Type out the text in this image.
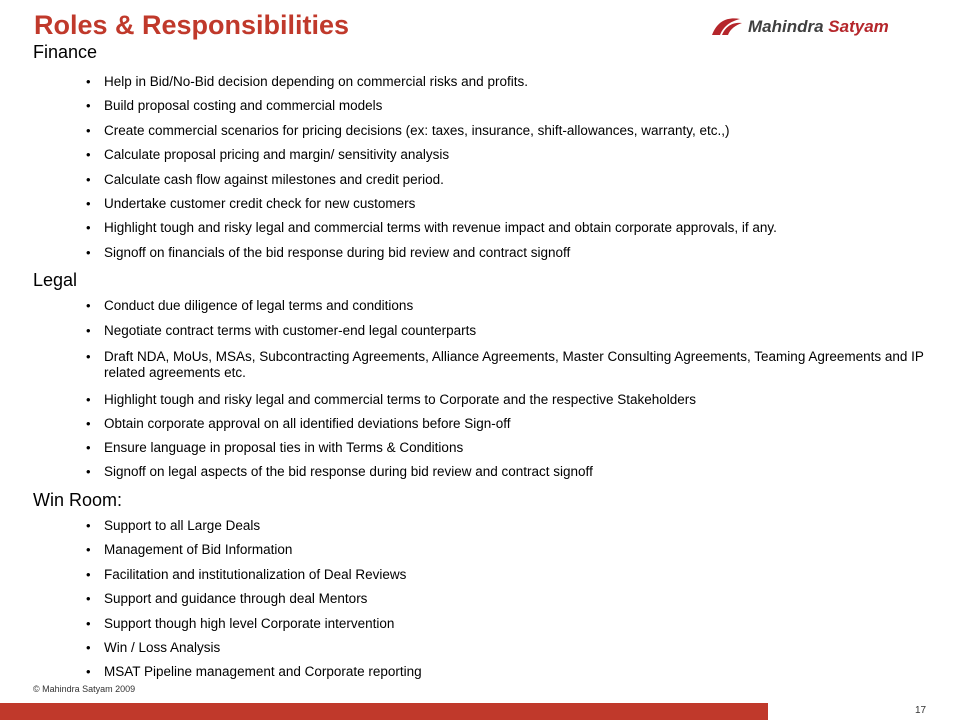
Roles & Responsibilities	Mahindra Satyam
Finance
• Help in Bid/No-Bid decision depending on commercial risks and profits.
• Build proposal costing and commercial models
• Create commercial scenarios for pricing decisions (ex: taxes, insurance, shift-allowances, warranty, etc.,)
• Calculate proposal pricing and margin/ sensitivity analysis
• Calculate cash flow against milestones and credit period.
• Undertake customer credit check for new customers
• Highlight tough and risky legal and commercial terms with revenue impact and obtain corporate approvals, if any.
• Signoff on financials of the bid response during bid review and contract signoff
Legal
• Conduct due diligence of legal terms and conditions
• Negotiate contract terms with customer-end legal counterparts
• Draft NDA, MoUs, MSAs, Subcontracting Agreements, Alliance Agreements, Master Consulting Agreements, Teaming Agreements and IP related agreements etc.
• Highlight tough and risky legal and commercial terms to Corporate and the respective Stakeholders
• Obtain corporate approval on all identified deviations before Sign-off
• Ensure language in proposal ties in with Terms & Conditions
• Signoff on legal aspects of the bid response during bid review and contract signoff
Win Room:
• Support to all Large Deals
• Management of Bid Information
• Facilitation and institutionalization of Deal Reviews
• Support and guidance through deal Mentors
• Support though high level Corporate intervention
• Win / Loss Analysis
• MSAT Pipeline management and Corporate reporting
© Mahindra Satyam 2009
17
